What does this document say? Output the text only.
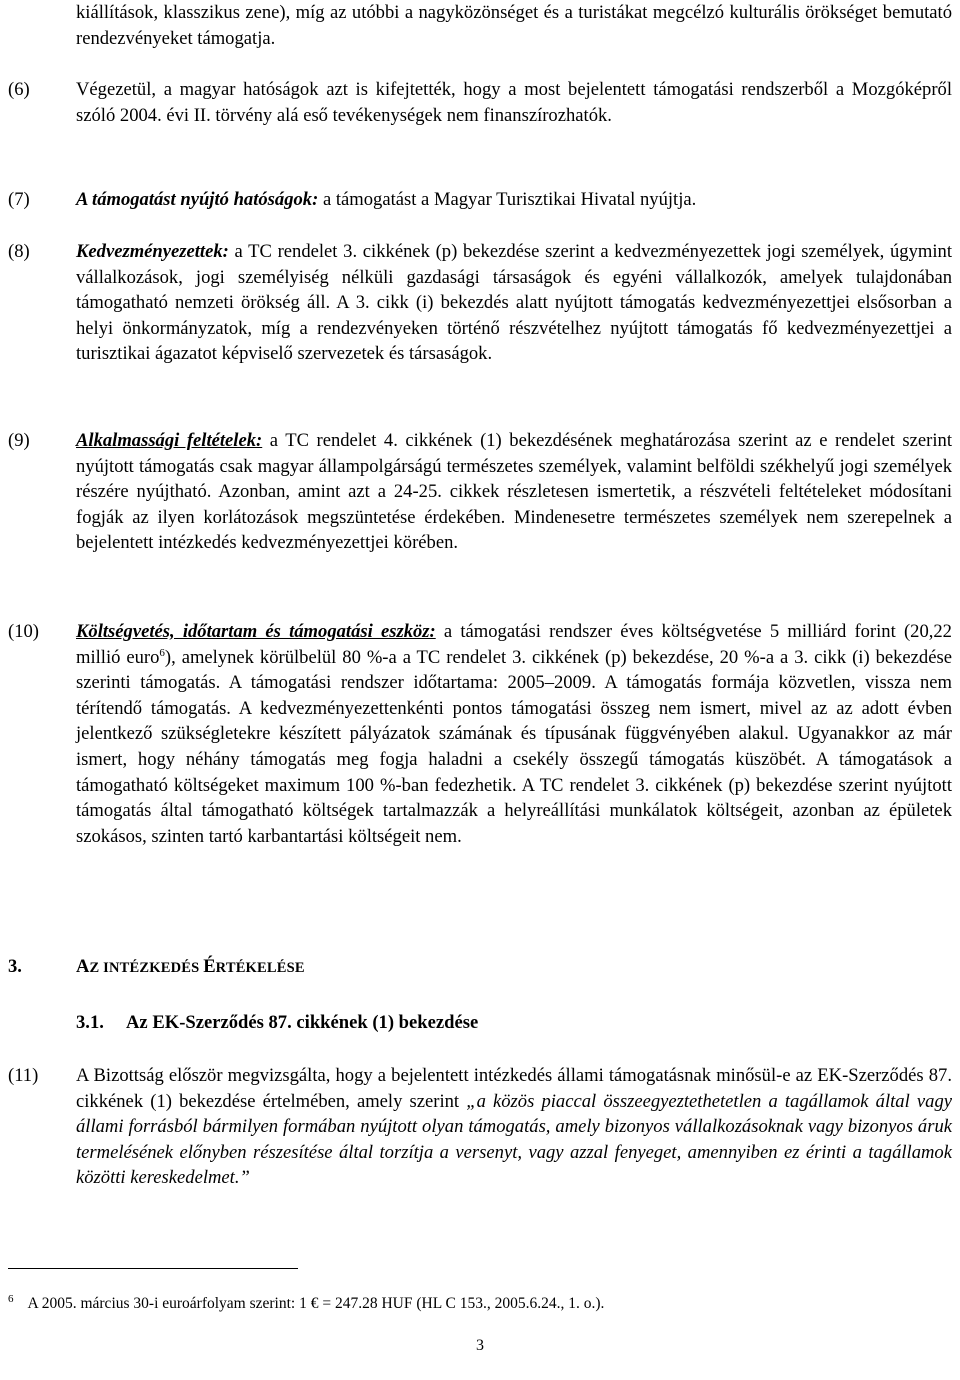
kiállítások, klasszikus zene), míg az utóbbi a nagyközönséget és a turistákat megcélzó kulturális örökséget bemutató rendezvényeket támogatja.
(6) Végezetül, a magyar hatóságok azt is kifejtették, hogy a most bejelentett támogatási rendszerből a Mozgóképről szóló 2004. évi II. törvény alá eső tevékenységek nem finanszírozhatók.
(7) A támogatást nyújtó hatóságok: a támogatást a Magyar Turisztikai Hivatal nyújtja.
(8) Kedvezményezettek: a TC rendelet 3. cikkének (p) bekezdése szerint a kedvezményezettek jogi személyek, úgymint vállalkozások, jogi személyiség nélküli gazdasági társaságok és egyéni vállalkozók, amelyek tulajdonában támogatható nemzeti örökség áll. A 3. cikk (i) bekezdés alatt nyújtott támogatás kedvezményezettjei elsősorban a helyi önkormányzatok, míg a rendezvényeken történő részvételhez nyújtott támogatás fő kedvezményezettjei a turisztikai ágazatot képviselő szervezetek és társaságok.
(9) Alkalmassági feltételek: a TC rendelet 4. cikkének (1) bekezdésének meghatározása szerint az e rendelet szerint nyújtott támogatás csak magyar állampolgárságú természetes személyek, valamint belföldi székhelyű jogi személyek részére nyújtható. Azonban, amint azt a 24-25. cikkek részletesen ismertetik, a részvételi feltételeket módosítani fogják az ilyen korlátozások megszüntetése érdekében. Mindenesetre természetes személyek nem szerepelnek a bejelentett intézkedés kedvezményezettjei körében.
(10) Költségvetés, időtartam és támogatási eszköz: a támogatási rendszer éves költségvetése 5 milliárd forint (20,22 millió euro$^6$), amelynek körülbelül 80 %-a a TC rendelet 3. cikkének (p) bekezdése, 20 %-a a 3. cikk (i) bekezdése szerinti támogatás. A támogatási rendszer időtartama: 2005–2009. A támogatás formája közvetlen, vissza nem térítendő támogatás. A kedvezményezettenkénti pontos támogatási összeg nem ismert, mivel az az adott évben jelentkező szükségletekre készített pályázatok számának és típusának függvényében alakul. Ugyanakkor az már ismert, hogy néhány támogatás meg fogja haladni a csekély összegű támogatás küszöbét. A támogatások a támogatható költségeket maximum 100 %-ban fedezhetik. A TC rendelet 3. cikkének (p) bekezdése szerint nyújtott támogatás által támogatható költségek tartalmazzák a helyreállítási munkálatok költségeit, azonban az épületek szokásos, szinten tartó karbantartási költségeit nem.
3.	AZ INTÉZKEDÉS ÉRTÉKELÉSE
3.1. Az EK-Szerződés 87. cikkének (1) bekezdése
(11) A Bizottság először megvizsgálta, hogy a bejelentett intézkedés állami támogatásnak minősül-e az EK-Szerződés 87. cikkének (1) bekezdése értelmében, amely szerint „a közös piaccal összeegyeztethetetlen a tagállamok által vagy állami forrásból bármilyen formában nyújtott olyan támogatás, amely bizonyos vállalkozásoknak vagy bizonyos áruk termelésének előnyben részesítése által torzítja a versenyt, vagy azzal fenyeget, amennyiben ez érinti a tagállamok közötti kereskedelmet.”
$^6$ A 2005. március 30-i euroárfolyam szerint: 1 € = 247.28 HUF (HL C 153., 2005.6.24., 1. o.).
3
